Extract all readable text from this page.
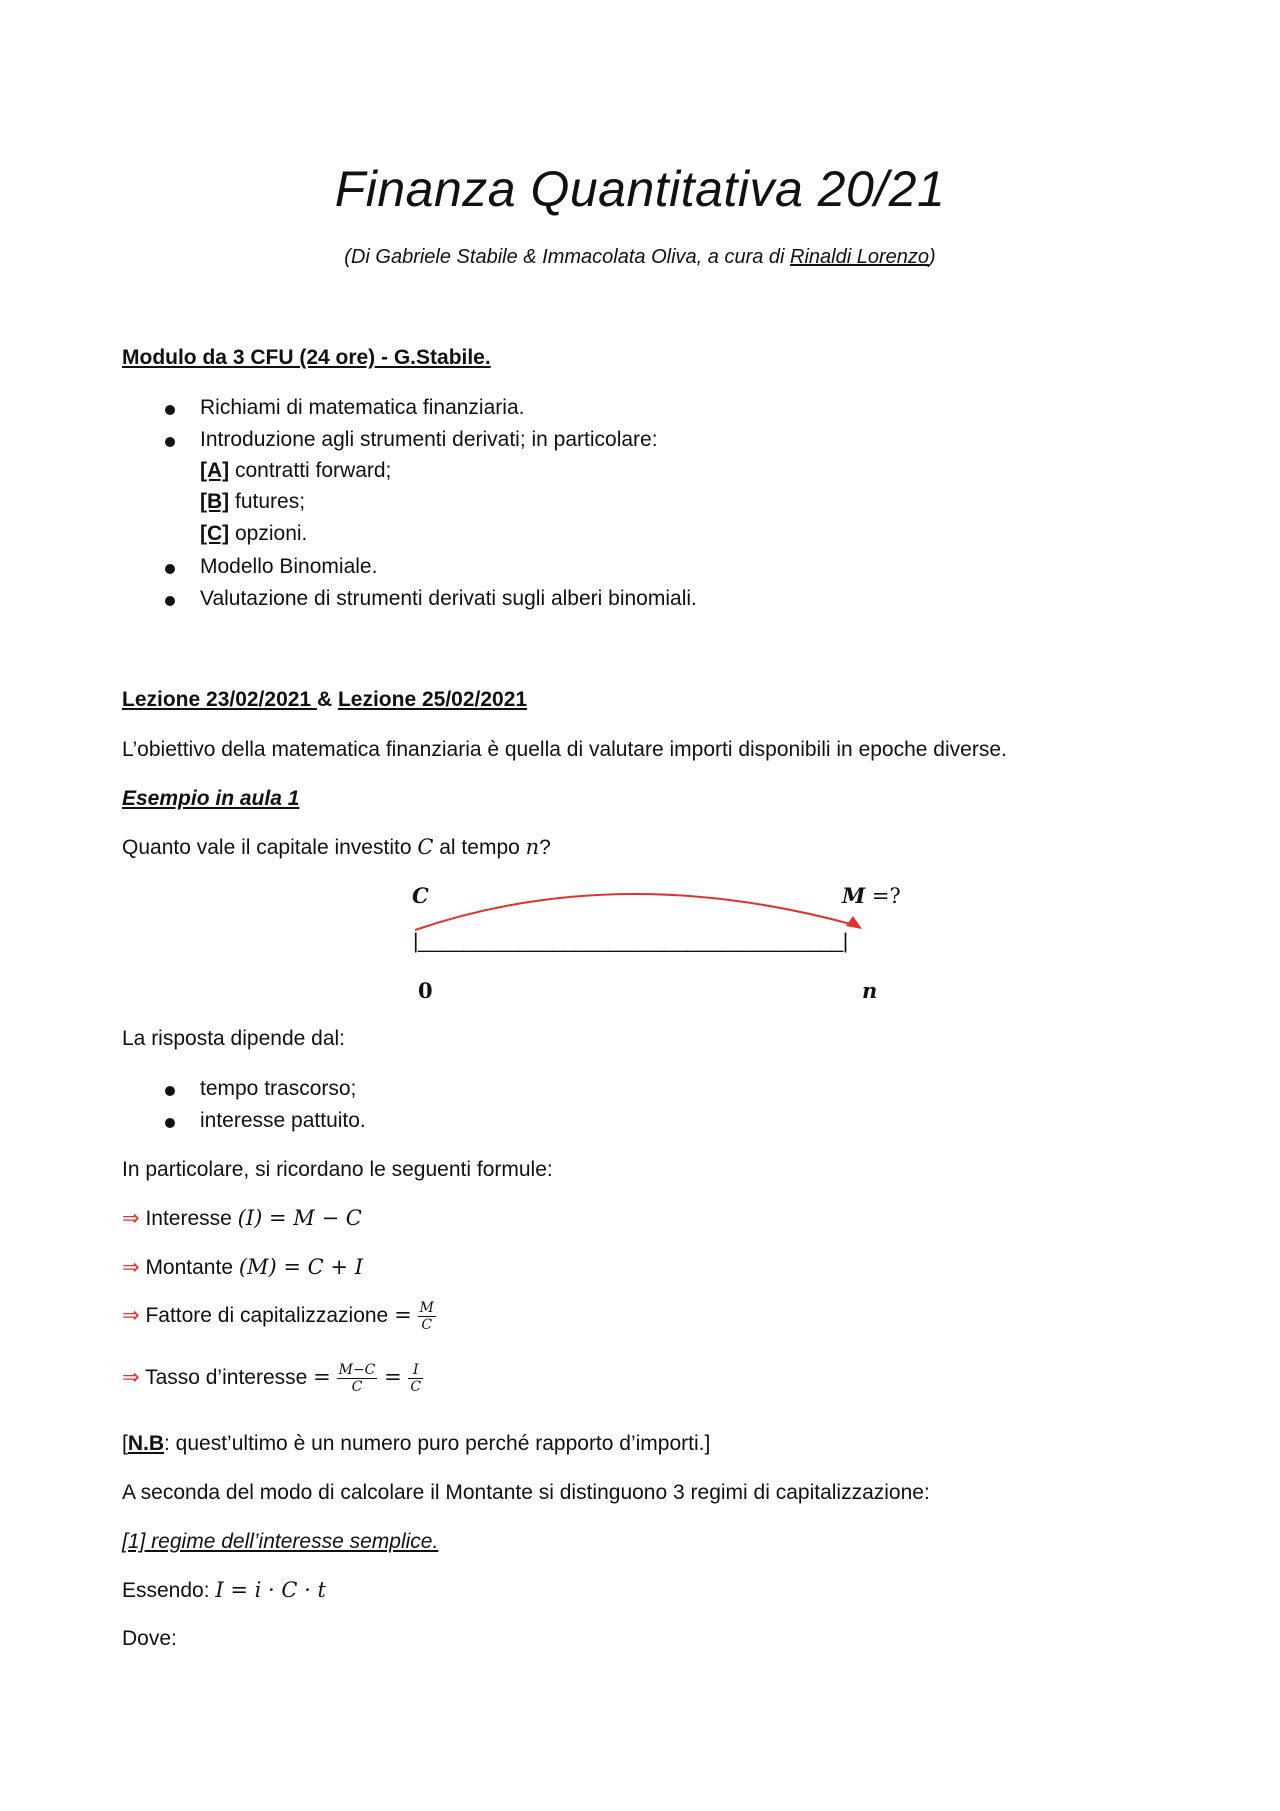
Finanza Quantitativa 20/21
(Di Gabriele Stabile & Immacolata Oliva, a cura di Rinaldi Lorenzo)
Modulo da 3 CFU (24 ore) - G.Stabile.
Richiami di matematica finanziaria.
Introduzione agli strumenti derivati; in particolare:
[A] contratti forward;
[B] futures;
[C] opzioni.
Modello Binomiale.
Valutazione di strumenti derivati sugli alberi binomiali.
Lezione 23/02/2021 & Lezione 25/02/2021
L’obiettivo della matematica finanziaria è quella di valutare importi disponibili in epoche diverse.
Esempio in aula 1
Quanto vale il capitale investito C al tempo n?
C	M =?
|______________________________________|
0	n
La risposta dipende dal:
tempo trascorso;
interesse pattuito.
In particolare, si ricordano le seguenti formule:
⇒ Interesse (I) = M − C
⇒ Montante (M) = C + I
⇒ Fattore di capitalizzazione = $\frac{M}{C}$
⇒ Tasso d’interesse = $\frac{M-C}{C} = \frac{I}{C}$
[N.B: quest’ultimo è un numero puro perché rapporto d’importi.]
A seconda del modo di calcolare il Montante si distinguono 3 regimi di capitalizzazione:
[1] regime dell’interesse semplice.
Essendo: I = i · C · t
Dove:
